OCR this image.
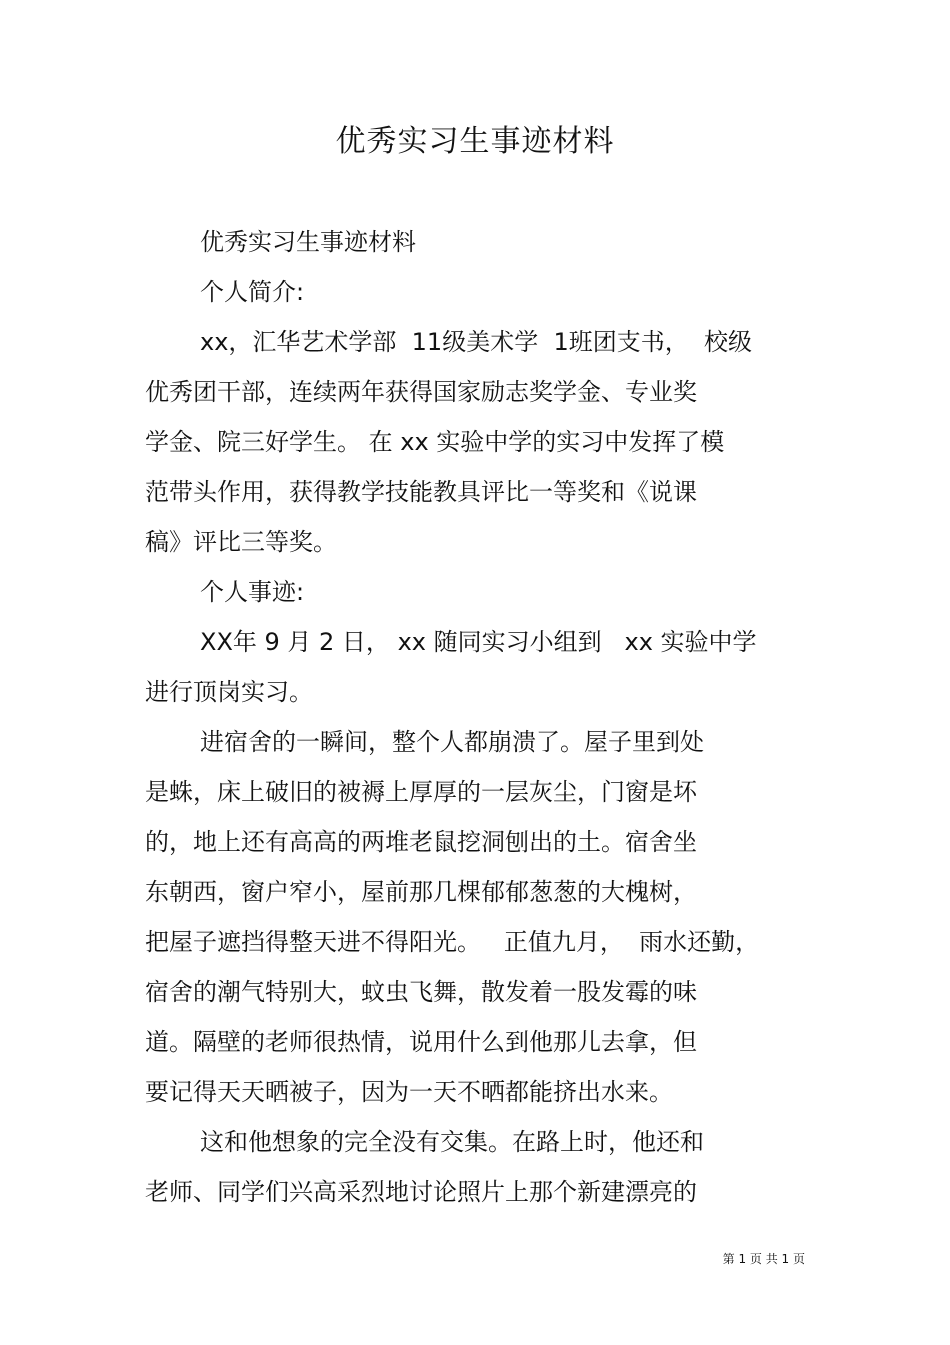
优秀实习生事迹材料
优秀实习生事迹材料
个人简介:
xx，汇华艺术学部  11级美术学  1班团支书，  校级
优秀团干部，连续两年获得国家励志奖学金、专业奖
学金、院三好学生。 在 xx 实验中学的实习中发挥了模
范带头作用，获得教学技能教具评比一等奖和《说课
稿》评比三等奖。
个人事迹:
XX年 9 月 2 日， xx 随同实习小组到   xx 实验中学
进行顶岗实习。
进宿舍的一瞬间，整个人都崩溃了。屋子里到处
是蛛，床上破旧的被褥上厚厚的一层灰尘，门窗是坏
的，地上还有高高的两堆老鼠挖洞刨出的土。宿舍坐
东朝西，窗户窄小，屋前那几棵郁郁葱葱的大槐树，
把屋子遮挡得整天进不得阳光。   正值九月，  雨水还勤，
宿舍的潮气特别大，蚊虫飞舞，散发着一股发霉的味
道。隔壁的老师很热情，说用什么到他那儿去拿，但
要记得天天晒被子，因为一天不晒都能挤出水来。
这和他想象的完全没有交集。在路上时，他还和
老师、同学们兴高采烈地讨论照片上那个新建漂亮的
第 1 页 共 1 页
